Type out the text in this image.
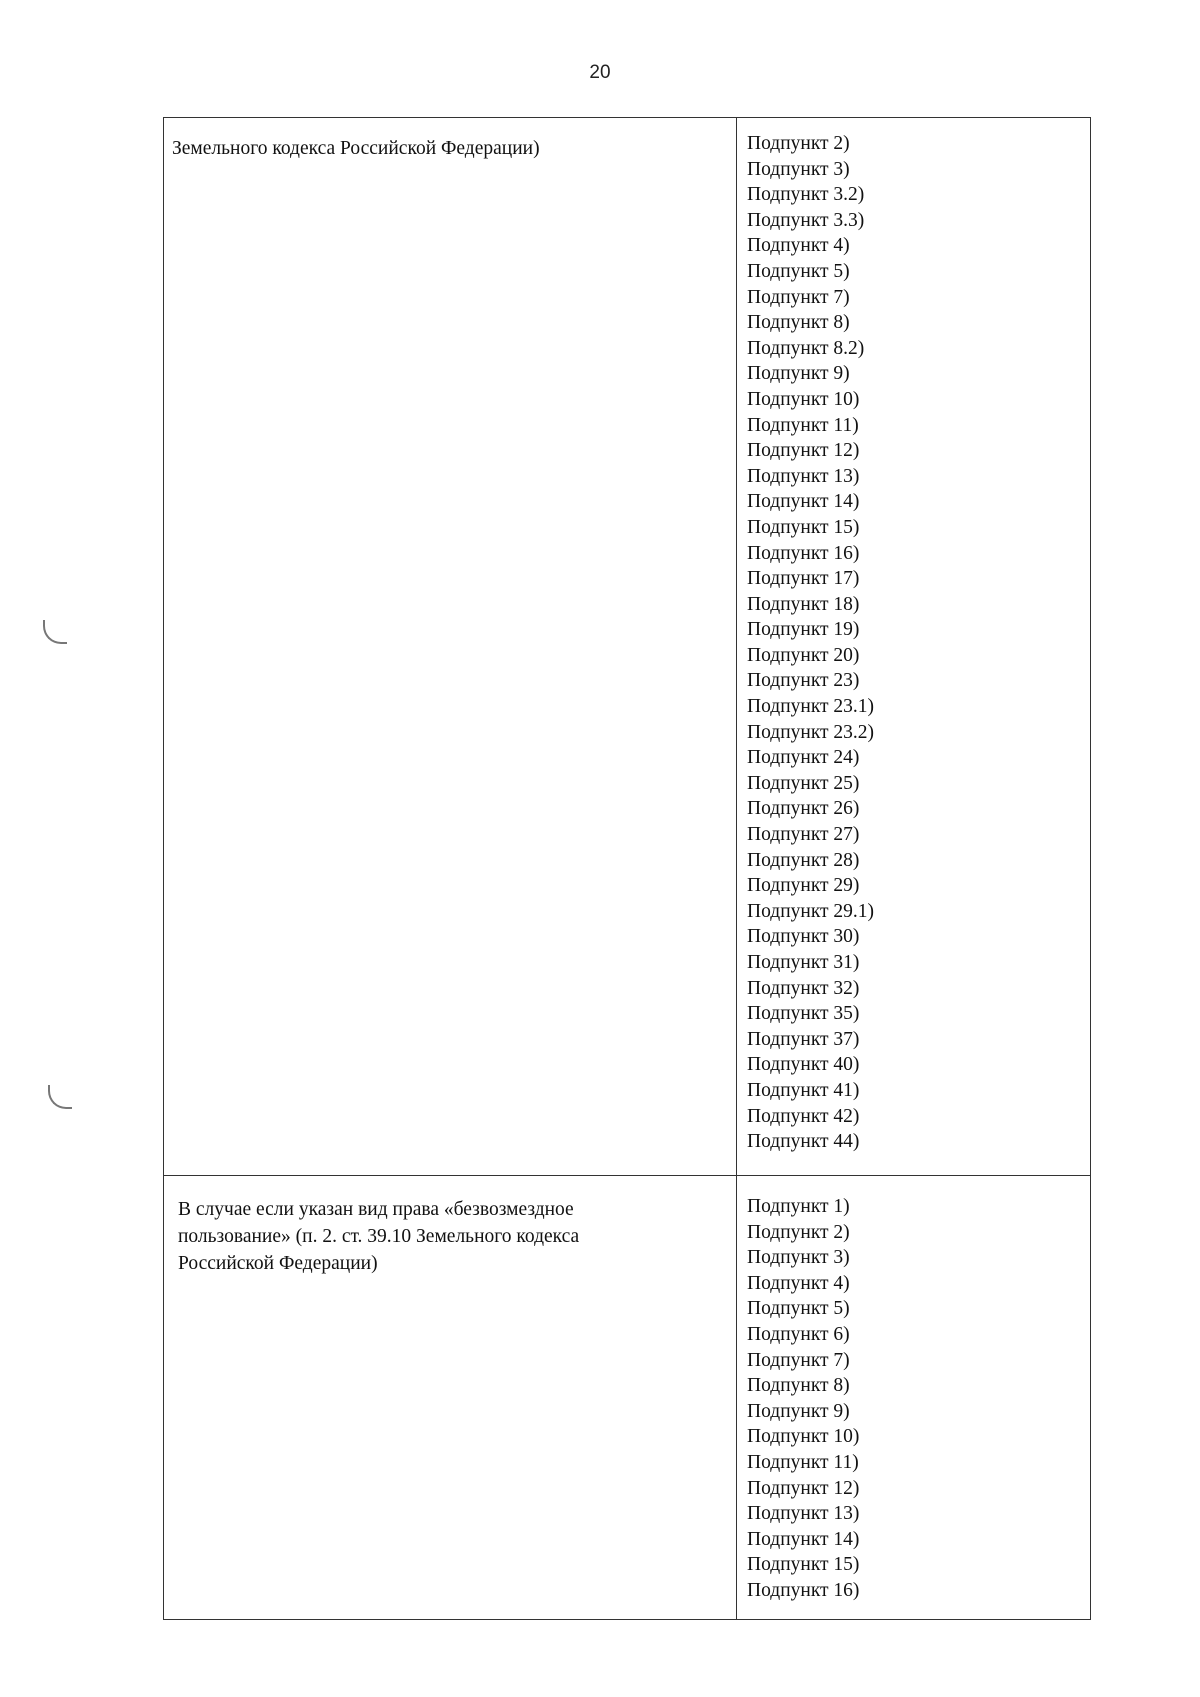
20
Земельного кодекса Российской Федерации)	Подпункт 2)
Подпункт 3)
Подпункт 3.2)
Подпункт 3.3)
Подпункт 4)
Подпункт 5)
Подпункт 7)
Подпункт 8)
Подпункт 8.2)
Подпункт 9)
Подпункт 10)
Подпункт 11)
Подпункт 12)
Подпункт 13)
Подпункт 14)
Подпункт 15)
Подпункт 16)
Подпункт 17)
Подпункт 18)
Подпункт 19)
Подпункт 20)
Подпункт 23)
Подпункт 23.1)
Подпункт 23.2)
Подпункт 24)
Подпункт 25)
Подпункт 26)
Подпункт 27)
Подпункт 28)
Подпункт 29)
Подпункт 29.1)
Подпункт 30)
Подпункт 31)
Подпункт 32)
Подпункт 35)
Подпункт 37)
Подпункт 40)
Подпункт 41)
Подпункт 42)
Подпункт 44)
В случае если указан вид права «безвозмездное пользование» (п. 2. ст. 39.10 Земельного кодекса Российской Федерации)
Подпункт 1)
Подпункт 2)
Подпункт 3)
Подпункт 4)
Подпункт 5)
Подпункт 6)
Подпункт 7)
Подпункт 8)
Подпункт 9)
Подпункт 10)
Подпункт 11)
Подпункт 12)
Подпункт 13)
Подпункт 14)
Подпункт 15)
Подпункт 16)
